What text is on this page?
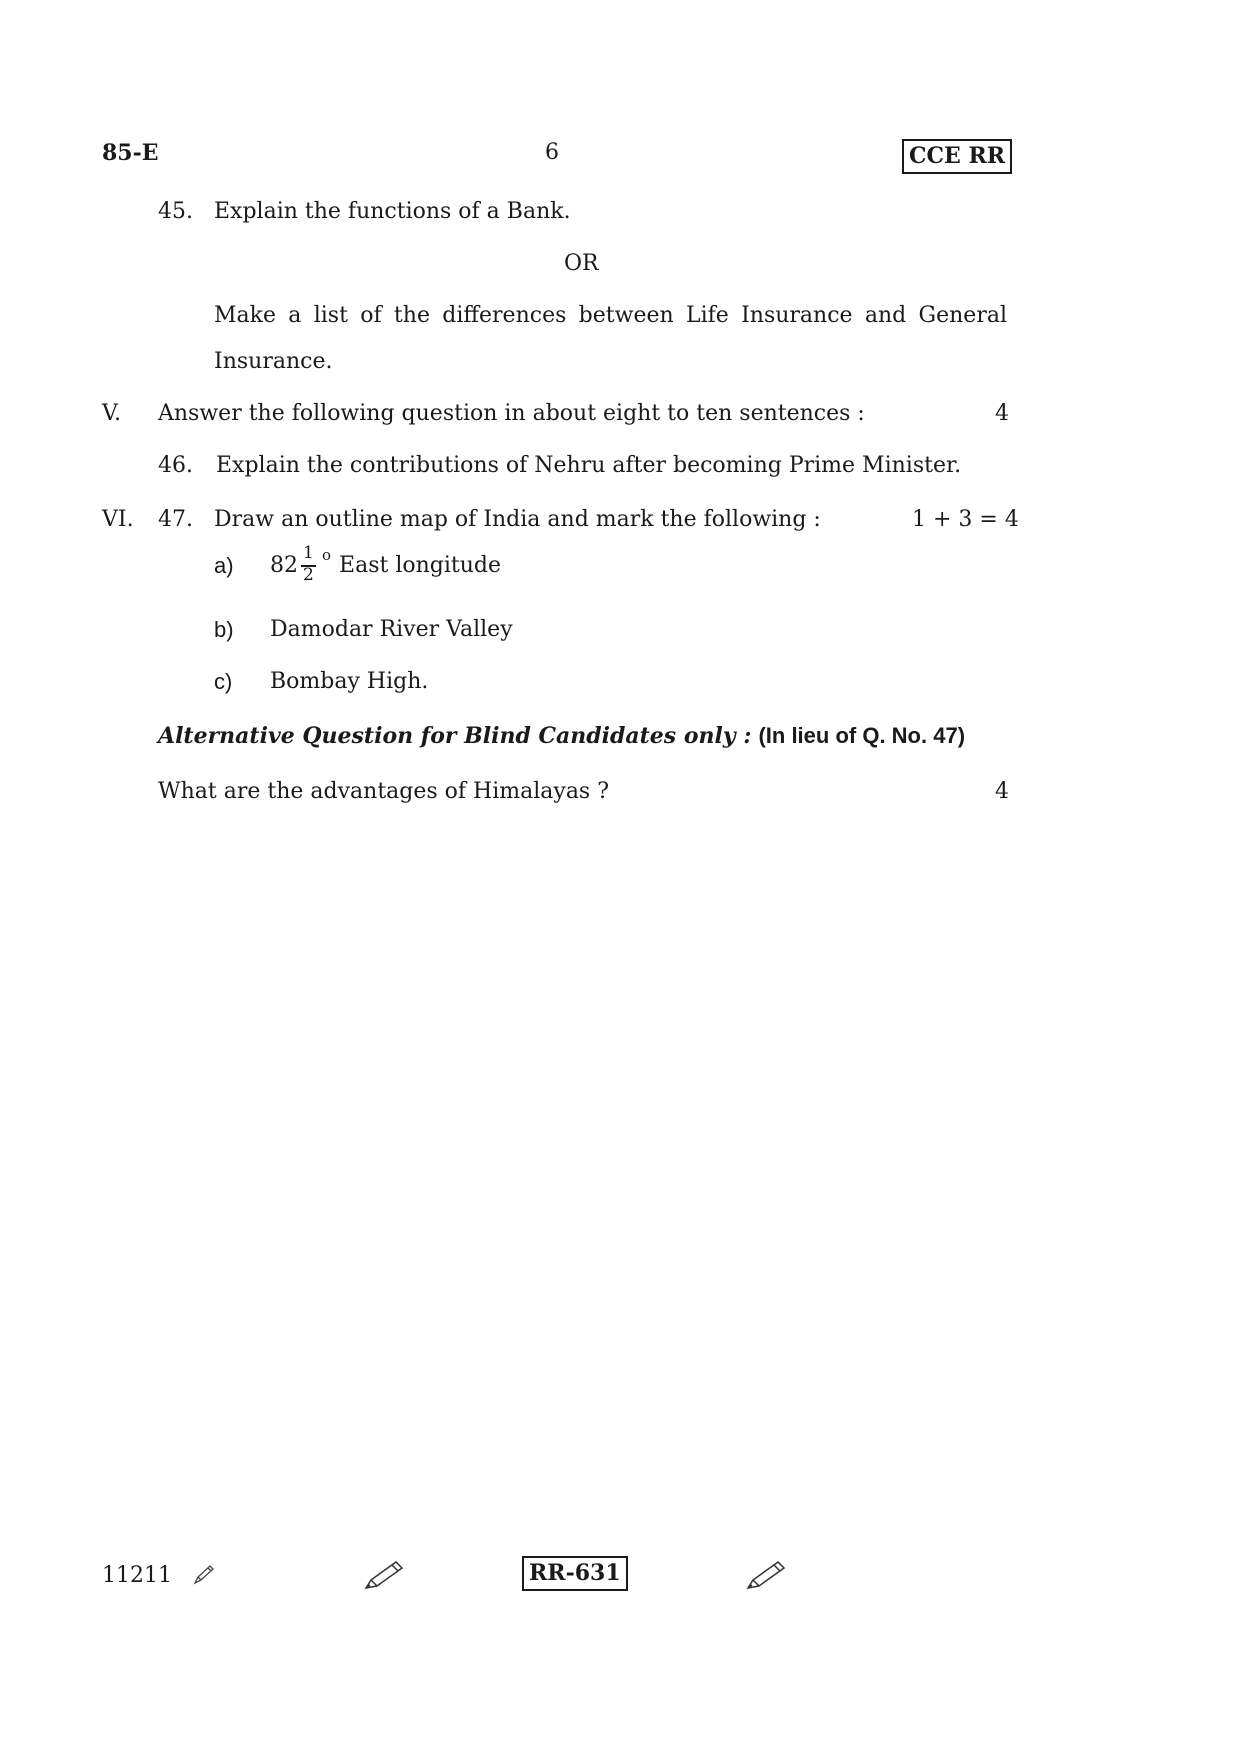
85-E	6	CCE RR
45. Explain the functions of a Bank.
OR
Make a list of the differences between Life Insurance and General
Insurance.
V. Answer the following question in about eight to ten sentences :	4
46. Explain the contributions of Nehru after becoming Prime Minister.
VI. 47. Draw an outline map of India and mark the following :	1 + 3 = 4
a) $82 \frac{1}{2} ^o$ East longitude
b) Damodar River Valley
c) Bombay High.
Alternative Question for Blind Candidates only : (In lieu of Q. No. 47)
What are the advantages of Himalayas ?	4
11211	RR-631
